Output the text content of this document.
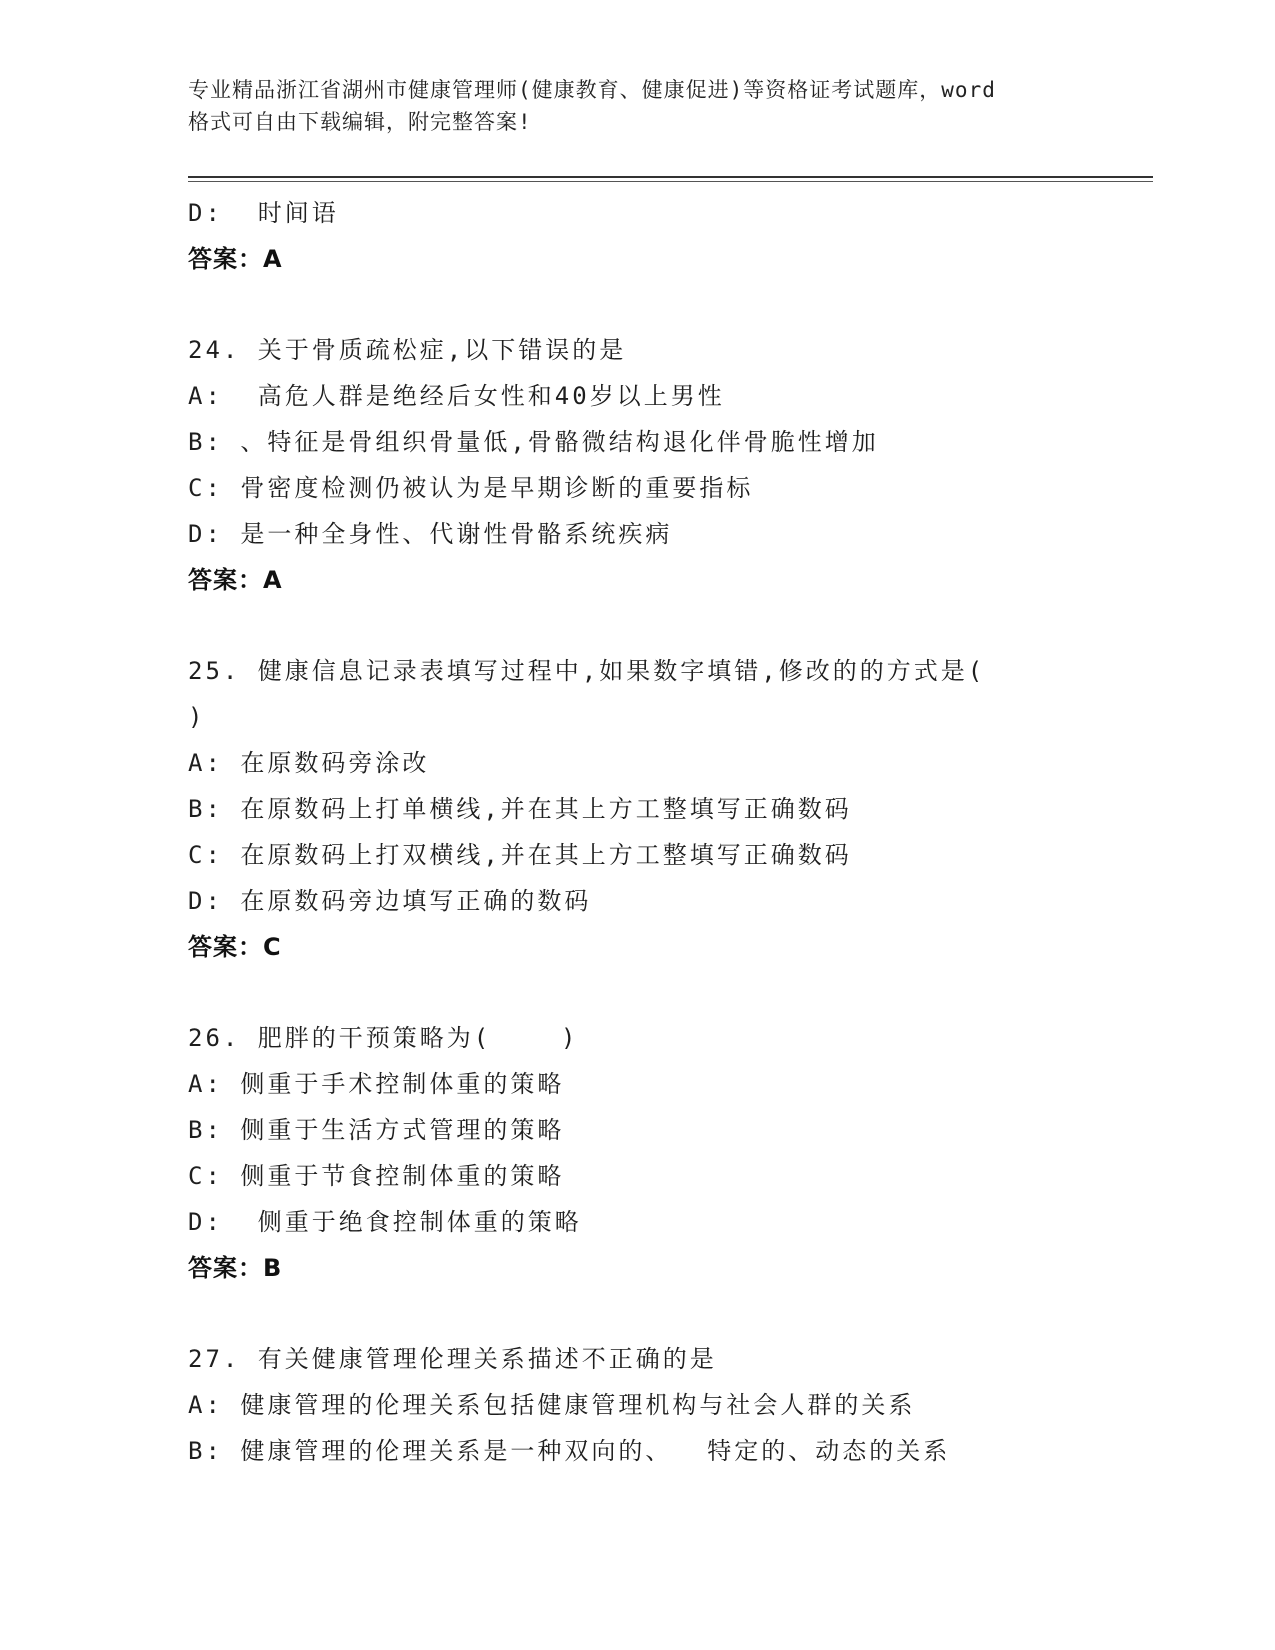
专业精品浙江省湖州市健康管理师(健康教育、健康促进)等资格证考试题库，word
格式可自由下载编辑，附完整答案!
D:  时间语
答案：A
24. 关于骨质疏松症,以下错误的是
A:  高危人群是绝经后女性和40岁以上男性
B: 、特征是骨组织骨量低,骨骼微结构退化伴骨脆性增加
C: 骨密度检测仍被认为是早期诊断的重要指标
D: 是一种全身性、代谢性骨骼系统疾病
答案：A
25. 健康信息记录表填写过程中,如果数字填错,修改的的方式是(
)
A: 在原数码旁涂改
B: 在原数码上打单横线,并在其上方工整填写正确数码
C: 在原数码上打双横线,并在其上方工整填写正确数码
D: 在原数码旁边填写正确的数码
答案：C
26. 肥胖的干预策略为(    )
A: 侧重于手术控制体重的策略
B: 侧重于生活方式管理的策略
C: 侧重于节食控制体重的策略
D:  侧重于绝食控制体重的策略
答案：B
27. 有关健康管理伦理关系描述不正确的是
A: 健康管理的伦理关系包括健康管理机构与社会人群的关系
B: 健康管理的伦理关系是一种双向的、  特定的、动态的关系
